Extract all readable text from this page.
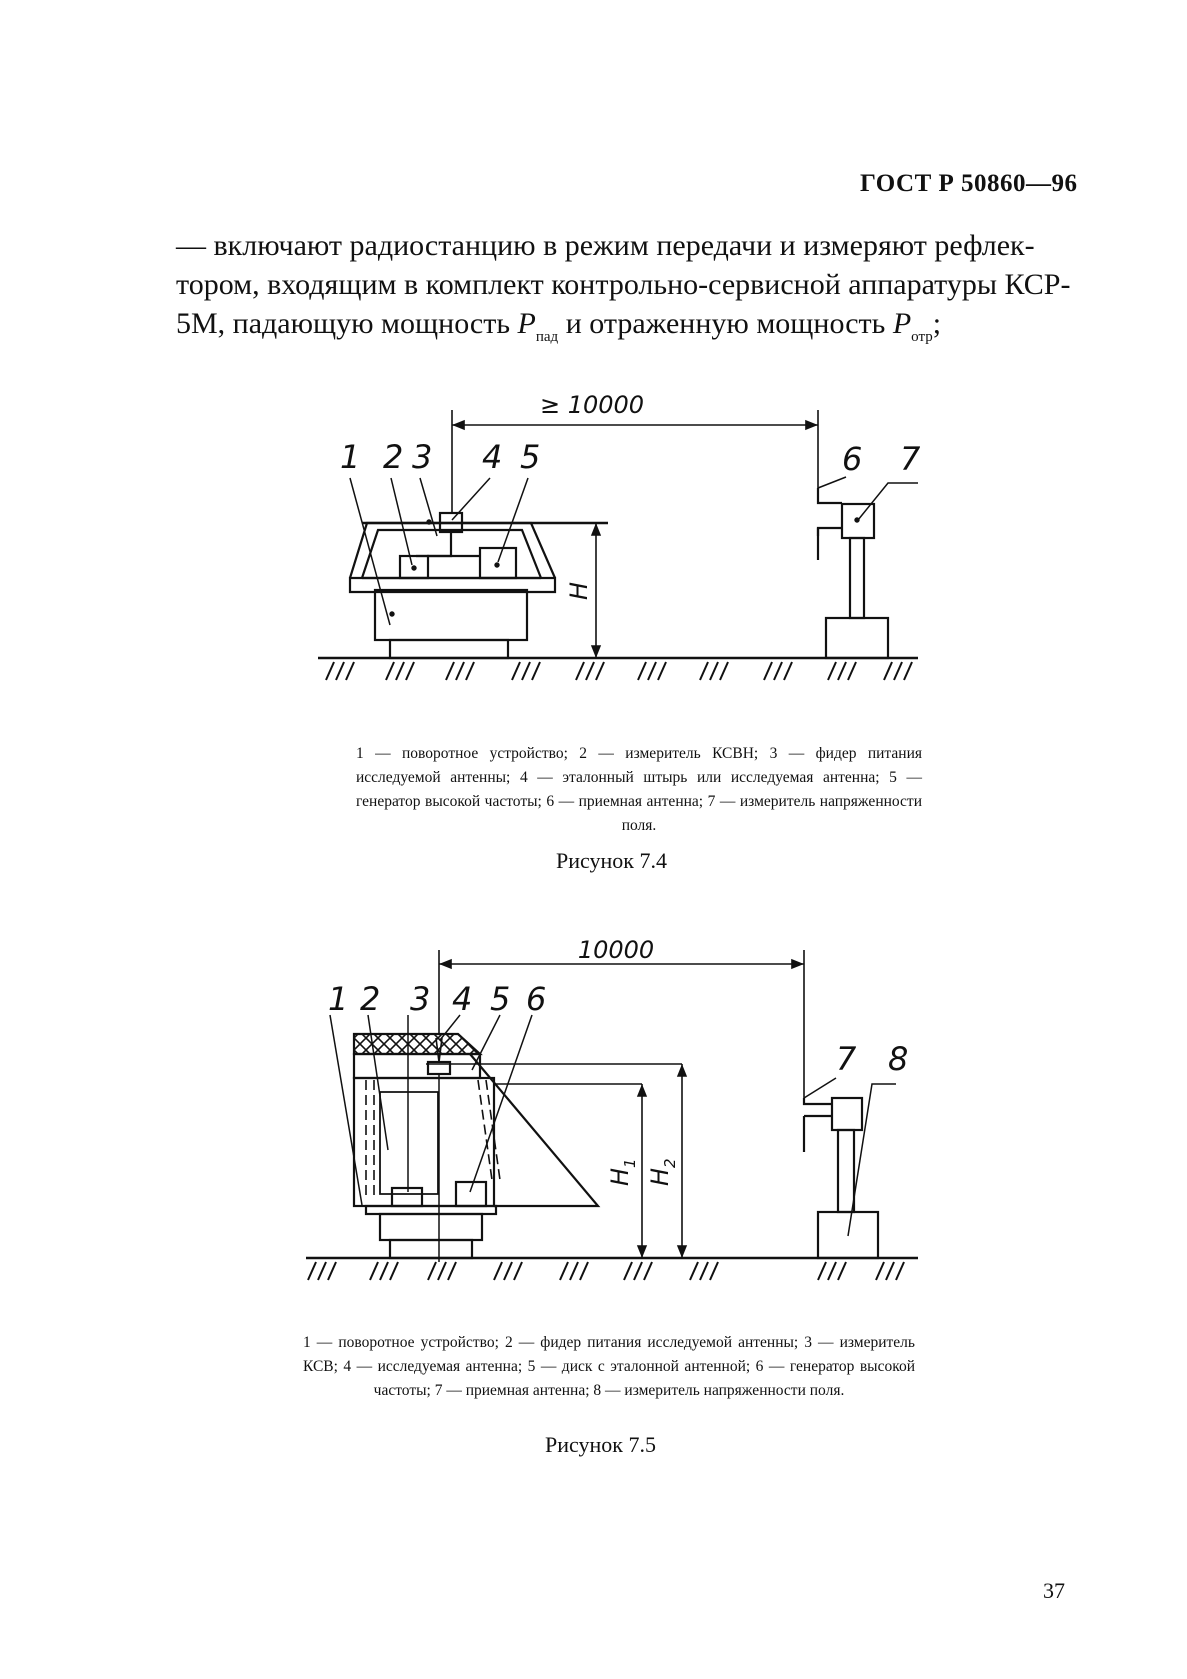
ГОСТ Р 50860—96
— включают радиостанцию в режим передачи и измеряют рефлек-
тором, входящим в комплект контрольно-сервисной аппаратуры КСР-
5М, падающую мощность $P_{пад}$ и отраженную мощность $P_{отр}$;
≥ 10000
1 2 3 4 5	6 7
H
10000
1 2 3 4 5 6
7 8
H
1
H
2
1 — поворотное устройство; 2 — измеритель КСВН; 3 — фидер питания исследуемой антенны; 4 — эталонный штырь или исследуемая антенна; 5 — генератор высокой частоты; 6 — приемная антенна; 7 — измеритель напряженности поля.
Рисунок 7.4
1 — поворотное устройство; 2 — фидер питания исследуемой антенны; 3 — измеритель КСВ; 4 — исследуемая антенна; 5 — диск с эталонной антенной; 6 — генератор высокой частоты; 7 — приемная антенна; 8 — измеритель напряженности поля.
Рисунок 7.5
37
